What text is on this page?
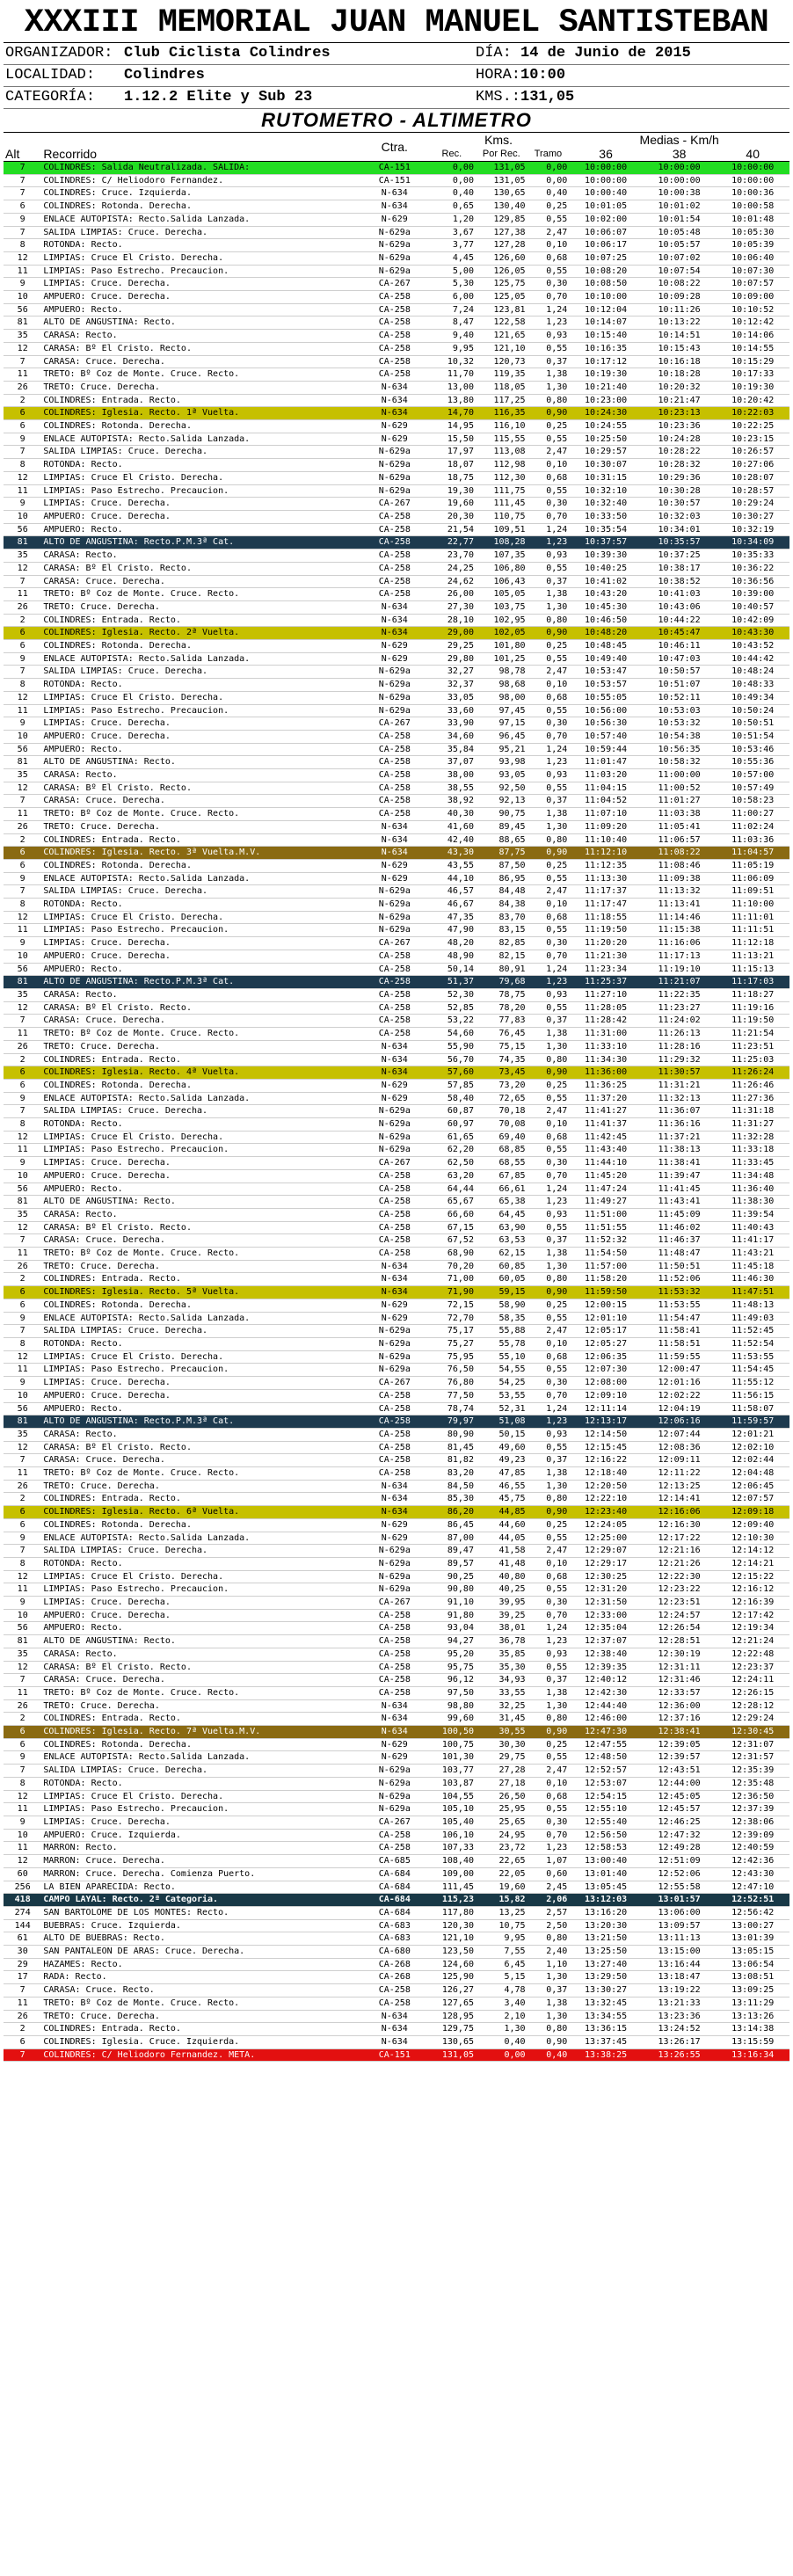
XXXIII MEMORIAL JUAN MANUEL SANTISTEBAN
ORGANIZADOR: Club Ciclista Colindres	DÍA: 14 de Junio de 2015
LOCALIDAD: Colindres	HORA:10:00
CATEGORÍA: 1.12.2 Elite y Sub 23	KMS.:131,05
RUTOMETRO - ALTIMETRO
Alt	Recorrido	Ctra.	Kms.			Medias - Km/h		
			Rec.	Por Rec.	Tramo	36	38	40
7	COLINDRES: Salida Neutralizada. SALIDA:	CA-151	0,00	131,05	0,00	10:00:00	10:00:00	10:00:00
7	COLINDRES: C/ Heliodoro Fernandez.	CA-151	0,00	131,05	0,00	10:00:00	10:00:00	10:00:00
7	COLINDRES: Cruce. Izquierda.	N-634	0,40	130,65	0,40	10:00:40	10:00:38	10:00:36
6	COLINDRES: Rotonda. Derecha.	N-634	0,65	130,40	0,25	10:01:05	10:01:02	10:00:58
9	ENLACE AUTOPISTA: Recto.Salida Lanzada.	N-629	1,20	129,85	0,55	10:02:00	10:01:54	10:01:48
7	SALIDA LIMPIAS: Cruce. Derecha.	N-629a	3,67	127,38	2,47	10:06:07	10:05:48	10:05:30
8	ROTONDA: Recto.	N-629a	3,77	127,28	0,10	10:06:17	10:05:57	10:05:39
12	LIMPIAS: Cruce El Cristo. Derecha.	N-629a	4,45	126,60	0,68	10:07:25	10:07:02	10:06:40
11	LIMPIAS: Paso Estrecho. Precaucion.	N-629a	5,00	126,05	0,55	10:08:20	10:07:54	10:07:30
9	LIMPIAS: Cruce. Derecha.	CA-267	5,30	125,75	0,30	10:08:50	10:08:22	10:07:57
10	AMPUERO: Cruce. Derecha.	CA-258	6,00	125,05	0,70	10:10:00	10:09:28	10:09:00
56	AMPUERO: Recto.	CA-258	7,24	123,81	1,24	10:12:04	10:11:26	10:10:52
81	ALTO DE ANGUSTINA: Recto.	CA-258	8,47	122,58	1,23	10:14:07	10:13:22	10:12:42
35	CARASA: Recto.	CA-258	9,40	121,65	0,93	10:15:40	10:14:51	10:14:06
12	CARASA: Bº El Cristo. Recto.	CA-258	9,95	121,10	0,55	10:16:35	10:15:43	10:14:55
7	CARASA: Cruce. Derecha.	CA-258	10,32	120,73	0,37	10:17:12	10:16:18	10:15:29
11	TRETO: Bº Coz de Monte. Cruce. Recto.	CA-258	11,70	119,35	1,38	10:19:30	10:18:28	10:17:33
26	TRETO: Cruce. Derecha.	N-634	13,00	118,05	1,30	10:21:40	10:20:32	10:19:30
2	COLINDRES: Entrada. Recto.	N-634	13,80	117,25	0,80	10:23:00	10:21:47	10:20:42
6	COLINDRES: Iglesia. Recto. 1ª Vuelta.	N-634	14,70	116,35	0,90	10:24:30	10:23:13	10:22:03
6	COLINDRES: Rotonda. Derecha.	N-629	14,95	116,10	0,25	10:24:55	10:23:36	10:22:25
9	ENLACE AUTOPISTA: Recto.Salida Lanzada.	N-629	15,50	115,55	0,55	10:25:50	10:24:28	10:23:15
7	SALIDA LIMPIAS: Cruce. Derecha.	N-629a	17,97	113,08	2,47	10:29:57	10:28:22	10:26:57
8	ROTONDA: Recto.	N-629a	18,07	112,98	0,10	10:30:07	10:28:32	10:27:06
12	LIMPIAS: Cruce El Cristo. Derecha.	N-629a	18,75	112,30	0,68	10:31:15	10:29:36	10:28:07
11	LIMPIAS: Paso Estrecho. Precaucion.	N-629a	19,30	111,75	0,55	10:32:10	10:30:28	10:28:57
9	LIMPIAS: Cruce. Derecha.	CA-267	19,60	111,45	0,30	10:32:40	10:30:57	10:29:24
10	AMPUERO: Cruce. Derecha.	CA-258	20,30	110,75	0,70	10:33:50	10:32:03	10:30:27
56	AMPUERO: Recto.	CA-258	21,54	109,51	1,24	10:35:54	10:34:01	10:32:19
81	ALTO DE ANGUSTINA: Recto.P.M.3ª Cat.	CA-258	22,77	108,28	1,23	10:37:57	10:35:57	10:34:09
35	CARASA: Recto.	CA-258	23,70	107,35	0,93	10:39:30	10:37:25	10:35:33
12	CARASA: Bº El Cristo. Recto.	CA-258	24,25	106,80	0,55	10:40:25	10:38:17	10:36:22
7	CARASA: Cruce. Derecha.	CA-258	24,62	106,43	0,37	10:41:02	10:38:52	10:36:56
11	TRETO: Bº Coz de Monte. Cruce. Recto.	CA-258	26,00	105,05	1,38	10:43:20	10:41:03	10:39:00
26	TRETO: Cruce. Derecha.	N-634	27,30	103,75	1,30	10:45:30	10:43:06	10:40:57
2	COLINDRES: Entrada. Recto.	N-634	28,10	102,95	0,80	10:46:50	10:44:22	10:42:09
6	COLINDRES: Iglesia. Recto. 2ª Vuelta.	N-634	29,00	102,05	0,90	10:48:20	10:45:47	10:43:30
6	COLINDRES: Rotonda. Derecha.	N-629	29,25	101,80	0,25	10:48:45	10:46:11	10:43:52
9	ENLACE AUTOPISTA: Recto.Salida Lanzada.	N-629	29,80	101,25	0,55	10:49:40	10:47:03	10:44:42
7	SALIDA LIMPIAS: Cruce. Derecha.	N-629a	32,27	98,78	2,47	10:53:47	10:50:57	10:48:24
8	ROTONDA: Recto.	N-629a	32,37	98,68	0,10	10:53:57	10:51:07	10:48:33
12	LIMPIAS: Cruce El Cristo. Derecha.	N-629a	33,05	98,00	0,68	10:55:05	10:52:11	10:49:34
11	LIMPIAS: Paso Estrecho. Precaucion.	N-629a	33,60	97,45	0,55	10:56:00	10:53:03	10:50:24
9	LIMPIAS: Cruce. Derecha.	CA-267	33,90	97,15	0,30	10:56:30	10:53:32	10:50:51
10	AMPUERO: Cruce. Derecha.	CA-258	34,60	96,45	0,70	10:57:40	10:54:38	10:51:54
56	AMPUERO: Recto.	CA-258	35,84	95,21	1,24	10:59:44	10:56:35	10:53:46
81	ALTO DE ANGUSTINA: Recto.	CA-258	37,07	93,98	1,23	11:01:47	10:58:32	10:55:36
35	CARASA: Recto.	CA-258	38,00	93,05	0,93	11:03:20	11:00:00	10:57:00
12	CARASA: Bº El Cristo. Recto.	CA-258	38,55	92,50	0,55	11:04:15	11:00:52	10:57:49
7	CARASA: Cruce. Derecha.	CA-258	38,92	92,13	0,37	11:04:52	11:01:27	10:58:23
11	TRETO: Bº Coz de Monte. Cruce. Recto.	CA-258	40,30	90,75	1,38	11:07:10	11:03:38	11:00:27
26	TRETO: Cruce. Derecha.	N-634	41,60	89,45	1,30	11:09:20	11:05:41	11:02:24
2	COLINDRES: Entrada. Recto.	N-634	42,40	88,65	0,80	11:10:40	11:06:57	11:03:36
6	COLINDRES: Iglesia. Recto. 3ª Vuelta.M.V.	N-634	43,30	87,75	0,90	11:12:10	11:08:22	11:04:57
6	COLINDRES: Rotonda. Derecha.	N-629	43,55	87,50	0,25	11:12:35	11:08:46	11:05:19
9	ENLACE AUTOPISTA: Recto.Salida Lanzada.	N-629	44,10	86,95	0,55	11:13:30	11:09:38	11:06:09
7	SALIDA LIMPIAS: Cruce. Derecha.	N-629a	46,57	84,48	2,47	11:17:37	11:13:32	11:09:51
8	ROTONDA: Recto.	N-629a	46,67	84,38	0,10	11:17:47	11:13:41	11:10:00
12	LIMPIAS: Cruce El Cristo. Derecha.	N-629a	47,35	83,70	0,68	11:18:55	11:14:46	11:11:01
11	LIMPIAS: Paso Estrecho. Precaucion.	N-629a	47,90	83,15	0,55	11:19:50	11:15:38	11:11:51
9	LIMPIAS: Cruce. Derecha.	CA-267	48,20	82,85	0,30	11:20:20	11:16:06	11:12:18
10	AMPUERO: Cruce. Derecha.	CA-258	48,90	82,15	0,70	11:21:30	11:17:13	11:13:21
56	AMPUERO: Recto.	CA-258	50,14	80,91	1,24	11:23:34	11:19:10	11:15:13
81	ALTO DE ANGUSTINA: Recto.P.M.3ª Cat.	CA-258	51,37	79,68	1,23	11:25:37	11:21:07	11:17:03
35	CARASA: Recto.	CA-258	52,30	78,75	0,93	11:27:10	11:22:35	11:18:27
12	CARASA: Bº El Cristo. Recto.	CA-258	52,85	78,20	0,55	11:28:05	11:23:27	11:19:16
7	CARASA: Cruce. Derecha.	CA-258	53,22	77,83	0,37	11:28:42	11:24:02	11:19:50
11	TRETO: Bº Coz de Monte. Cruce. Recto.	CA-258	54,60	76,45	1,38	11:31:00	11:26:13	11:21:54
26	TRETO: Cruce. Derecha.	N-634	55,90	75,15	1,30	11:33:10	11:28:16	11:23:51
2	COLINDRES: Entrada. Recto.	N-634	56,70	74,35	0,80	11:34:30	11:29:32	11:25:03
6	COLINDRES: Iglesia. Recto. 4ª Vuelta.	N-634	57,60	73,45	0,90	11:36:00	11:30:57	11:26:24
6	COLINDRES: Rotonda. Derecha.	N-629	57,85	73,20	0,25	11:36:25	11:31:21	11:26:46
9	ENLACE AUTOPISTA: Recto.Salida Lanzada.	N-629	58,40	72,65	0,55	11:37:20	11:32:13	11:27:36
7	SALIDA LIMPIAS: Cruce. Derecha.	N-629a	60,87	70,18	2,47	11:41:27	11:36:07	11:31:18
8	ROTONDA: Recto.	N-629a	60,97	70,08	0,10	11:41:37	11:36:16	11:31:27
12	LIMPIAS: Cruce El Cristo. Derecha.	N-629a	61,65	69,40	0,68	11:42:45	11:37:21	11:32:28
11	LIMPIAS: Paso Estrecho. Precaucion.	N-629a	62,20	68,85	0,55	11:43:40	11:38:13	11:33:18
9	LIMPIAS: Cruce. Derecha.	CA-267	62,50	68,55	0,30	11:44:10	11:38:41	11:33:45
10	AMPUERO: Cruce. Derecha.	CA-258	63,20	67,85	0,70	11:45:20	11:39:47	11:34:48
56	AMPUERO: Recto.	CA-258	64,44	66,61	1,24	11:47:24	11:41:45	11:36:40
81	ALTO DE ANGUSTINA: Recto.	CA-258	65,67	65,38	1,23	11:49:27	11:43:41	11:38:30
35	CARASA: Recto.	CA-258	66,60	64,45	0,93	11:51:00	11:45:09	11:39:54
12	CARASA: Bº El Cristo. Recto.	CA-258	67,15	63,90	0,55	11:51:55	11:46:02	11:40:43
7	CARASA: Cruce. Derecha.	CA-258	67,52	63,53	0,37	11:52:32	11:46:37	11:41:17
11	TRETO: Bº Coz de Monte. Cruce. Recto.	CA-258	68,90	62,15	1,38	11:54:50	11:48:47	11:43:21
26	TRETO: Cruce. Derecha.	N-634	70,20	60,85	1,30	11:57:00	11:50:51	11:45:18
2	COLINDRES: Entrada. Recto.	N-634	71,00	60,05	0,80	11:58:20	11:52:06	11:46:30
6	COLINDRES: Iglesia. Recto. 5ª Vuelta.	N-634	71,90	59,15	0,90	11:59:50	11:53:32	11:47:51
6	COLINDRES: Rotonda. Derecha.	N-629	72,15	58,90	0,25	12:00:15	11:53:55	11:48:13
9	ENLACE AUTOPISTA: Recto.Salida Lanzada.	N-629	72,70	58,35	0,55	12:01:10	11:54:47	11:49:03
7	SALIDA LIMPIAS: Cruce. Derecha.	N-629a	75,17	55,88	2,47	12:05:17	11:58:41	11:52:45
8	ROTONDA: Recto.	N-629a	75,27	55,78	0,10	12:05:27	11:58:51	11:52:54
12	LIMPIAS: Cruce El Cristo. Derecha.	N-629a	75,95	55,10	0,68	12:06:35	11:59:55	11:53:55
11	LIMPIAS: Paso Estrecho. Precaucion.	N-629a	76,50	54,55	0,55	12:07:30	12:00:47	11:54:45
9	LIMPIAS: Cruce. Derecha.	CA-267	76,80	54,25	0,30	12:08:00	12:01:16	11:55:12
10	AMPUERO: Cruce. Derecha.	CA-258	77,50	53,55	0,70	12:09:10	12:02:22	11:56:15
56	AMPUERO: Recto.	CA-258	78,74	52,31	1,24	12:11:14	12:04:19	11:58:07
81	ALTO DE ANGUSTINA: Recto.P.M.3ª Cat.	CA-258	79,97	51,08	1,23	12:13:17	12:06:16	11:59:57
35	CARASA: Recto.	CA-258	80,90	50,15	0,93	12:14:50	12:07:44	12:01:21
12	CARASA: Bº El Cristo. Recto.	CA-258	81,45	49,60	0,55	12:15:45	12:08:36	12:02:10
7	CARASA: Cruce. Derecha.	CA-258	81,82	49,23	0,37	12:16:22	12:09:11	12:02:44
11	TRETO: Bº Coz de Monte. Cruce. Recto.	CA-258	83,20	47,85	1,38	12:18:40	12:11:22	12:04:48
26	TRETO: Cruce. Derecha.	N-634	84,50	46,55	1,30	12:20:50	12:13:25	12:06:45
2	COLINDRES: Entrada. Recto.	N-634	85,30	45,75	0,80	12:22:10	12:14:41	12:07:57
6	COLINDRES: Iglesia. Recto. 6ª Vuelta.	N-634	86,20	44,85	0,90	12:23:40	12:16:06	12:09:18
6	COLINDRES: Rotonda. Derecha.	N-629	86,45	44,60	0,25	12:24:05	12:16:30	12:09:40
9	ENLACE AUTOPISTA: Recto.Salida Lanzada.	N-629	87,00	44,05	0,55	12:25:00	12:17:22	12:10:30
7	SALIDA LIMPIAS: Cruce. Derecha.	N-629a	89,47	41,58	2,47	12:29:07	12:21:16	12:14:12
8	ROTONDA: Recto.	N-629a	89,57	41,48	0,10	12:29:17	12:21:26	12:14:21
12	LIMPIAS: Cruce El Cristo. Derecha.	N-629a	90,25	40,80	0,68	12:30:25	12:22:30	12:15:22
11	LIMPIAS: Paso Estrecho. Precaucion.	N-629a	90,80	40,25	0,55	12:31:20	12:23:22	12:16:12
9	LIMPIAS: Cruce. Derecha.	CA-267	91,10	39,95	0,30	12:31:50	12:23:51	12:16:39
10	AMPUERO: Cruce. Derecha.	CA-258	91,80	39,25	0,70	12:33:00	12:24:57	12:17:42
56	AMPUERO: Recto.	CA-258	93,04	38,01	1,24	12:35:04	12:26:54	12:19:34
81	ALTO DE ANGUSTINA: Recto.	CA-258	94,27	36,78	1,23	12:37:07	12:28:51	12:21:24
35	CARASA: Recto.	CA-258	95,20	35,85	0,93	12:38:40	12:30:19	12:22:48
12	CARASA: Bº El Cristo. Recto.	CA-258	95,75	35,30	0,55	12:39:35	12:31:11	12:23:37
7	CARASA: Cruce. Derecha.	CA-258	96,12	34,93	0,37	12:40:12	12:31:46	12:24:11
11	TRETO: Bº Coz de Monte. Cruce. Recto.	CA-258	97,50	33,55	1,38	12:42:30	12:33:57	12:26:15
26	TRETO: Cruce. Derecha.	N-634	98,80	32,25	1,30	12:44:40	12:36:00	12:28:12
2	COLINDRES: Entrada. Recto.	N-634	99,60	31,45	0,80	12:46:00	12:37:16	12:29:24
6	COLINDRES: Iglesia. Recto. 7ª Vuelta.M.V.	N-634	100,50	30,55	0,90	12:47:30	12:38:41	12:30:45
6	COLINDRES: Rotonda. Derecha.	N-629	100,75	30,30	0,25	12:47:55	12:39:05	12:31:07
9	ENLACE AUTOPISTA: Recto.Salida Lanzada.	N-629	101,30	29,75	0,55	12:48:50	12:39:57	12:31:57
7	SALIDA LIMPIAS: Cruce. Derecha.	N-629a	103,77	27,28	2,47	12:52:57	12:43:51	12:35:39
8	ROTONDA: Recto.	N-629a	103,87	27,18	0,10	12:53:07	12:44:00	12:35:48
12	LIMPIAS: Cruce El Cristo. Derecha.	N-629a	104,55	26,50	0,68	12:54:15	12:45:05	12:36:50
11	LIMPIAS: Paso Estrecho. Precaucion.	N-629a	105,10	25,95	0,55	12:55:10	12:45:57	12:37:39
9	LIMPIAS: Cruce. Derecha.	CA-267	105,40	25,65	0,30	12:55:40	12:46:25	12:38:06
10	AMPUERO: Cruce. Izquierda.	CA-258	106,10	24,95	0,70	12:56:50	12:47:32	12:39:09
11	MARRON: Recto.	CA-258	107,33	23,72	1,23	12:58:53	12:49:28	12:40:59
12	MARRON: Cruce. Derecha.	CA-685	108,40	22,65	1,07	13:00:40	12:51:09	12:42:36
60	MARRON: Cruce. Derecha. Comienza Puerto.	CA-684	109,00	22,05	0,60	13:01:40	12:52:06	12:43:30
256	LA BIEN APARECIDA: Recto.	CA-684	111,45	19,60	2,45	13:05:45	12:55:58	12:47:10
418	CAMPO LAYAL: Recto. 2ª Categoria.	CA-684	115,23	15,82	2,06	13:12:03	13:01:57	12:52:51
274	SAN BARTOLOME DE LOS MONTES: Recto.	CA-684	117,80	13,25	2,57	13:16:20	13:06:00	12:56:42
144	BUEBRAS: Cruce. Izquierda.	CA-683	120,30	10,75	2,50	13:20:30	13:09:57	13:00:27
61	ALTO DE BUEBRAS: Recto.	CA-683	121,10	9,95	0,80	13:21:50	13:11:13	13:01:39
30	SAN PANTALEON DE ARAS: Cruce. Derecha.	CA-680	123,50	7,55	2,40	13:25:50	13:15:00	13:05:15
29	HAZAMES: Recto.	CA-268	124,60	6,45	1,10	13:27:40	13:16:44	13:06:54
17	RADA: Recto.	CA-268	125,90	5,15	1,30	13:29:50	13:18:47	13:08:51
7	CARASA: Cruce. Recto.	CA-258	126,27	4,78	0,37	13:30:27	13:19:22	13:09:25
11	TRETO: Bº Coz de Monte. Cruce. Recto.	CA-258	127,65	3,40	1,38	13:32:45	13:21:33	13:11:29
26	TRETO: Cruce. Derecha.	N-634	128,95	2,10	1,30	13:34:55	13:23:36	13:13:26
2	COLINDRES: Entrada. Recto.	N-634	129,75	1,30	0,80	13:36:15	13:24:52	13:14:38
6	COLINDRES: Iglesia. Cruce. Izquierda.	N-634	130,65	0,40	0,90	13:37:45	13:26:17	13:15:59
7	COLINDRES: C/ Heliodoro Fernandez. META.	CA-151	131,05	0,00	0,40	13:38:25	13:26:55	13:16:34
